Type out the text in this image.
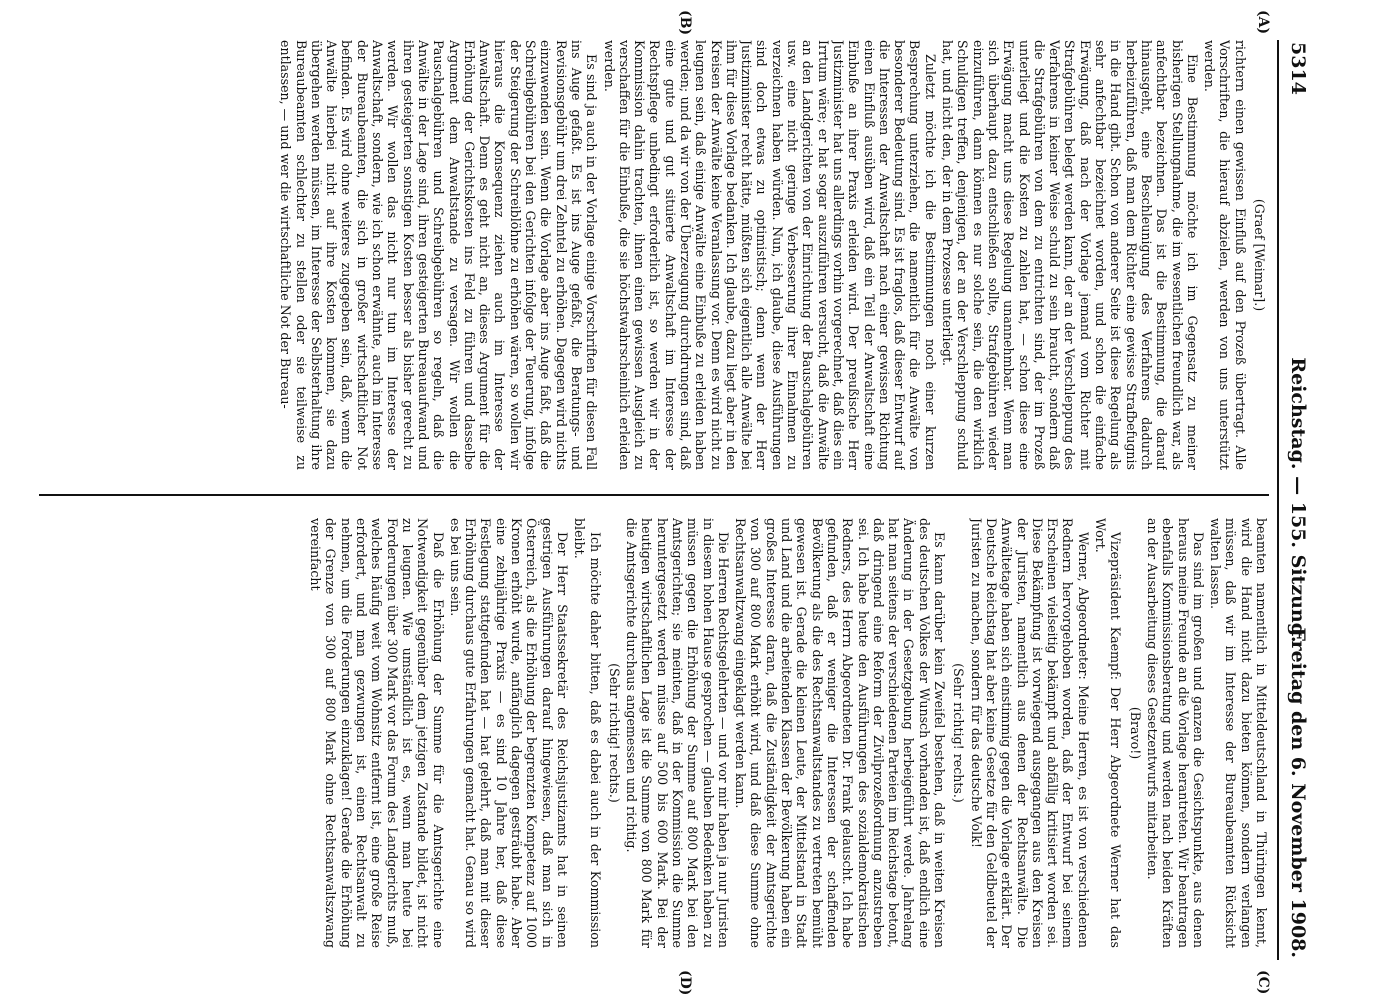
5314
Reichstag. — 155. Sitzung.
Freitag den 6. November 1908.
(A)
(B)
(C)
(D)

(Graef [Weimar].)

richtern einen gewissen Einfluß auf den Prozeß übertragt. Alle Vorschriften, die hierauf abzielen, werden von uns unterstützt werden.

Eine Bestimmung möchte ich im Gegensatz zu meiner bisherigen Stellungnahme, die im wesentlichen freundlich war, als anfechtbar bezeichnen. Das ist die Bestimmung, die darauf hinausgeht, eine Beschleunigung des Verfahrens dadurch herbeizuführen, daß man dem Richter eine gewisse Strafbefugnis in die Hand gibt. Schon von anderer Seite ist diese Regelung als sehr anfechtbar bezeichnet worden, und schon die einfache Erwägung, daß nach der Vorlage jemand vom Richter mit Strafgebühren belegt werden kann, der an der Verschleppung des Verfahrens in keiner Weise schuld zu sein braucht, sondern daß die Strafgebühren von dem zu entrichten sind, der im Prozeß unterliegt und die Kosten zu zahlen hat, — schon diese eine Erwägung macht uns diese Regelung unannehmbar. Wenn man sich überhaupt dazu entschließen sollte, Strafgebühren wieder einzuführen, dann können es nur solche sein, die den wirklich Schuldigen treffen, denjenigen, der an der Verschleppung schuld hat, und nicht den, der in dem Prozesse unterliegt.

Zuletzt möchte ich die Bestimmungen noch einer kurzen Besprechung unterziehen, die namentlich für die Anwälte von besonderer Bedeutung sind. Es ist fraglos, daß dieser Entwurf auf die Interessen der Anwaltschaft nach einer gewissen Richtung einen Einfluß ausüben wird, daß ein Teil der Anwaltschaft eine Einbuße an ihrer Praxis erleiden wird. Der preußische Herr Justizminister hat uns allerdings vorhin vorgerechnet, daß dies ein Irrtum wäre; er hat sogar auszuführen versucht, daß die Anwälte an den Landgerichten von der Einrichtung der Bauschalgebühren usw. eine nicht geringe Verbesserung ihrer Einnahmen zu verzeichnen haben würden. Nun, ich glaube, diese Ausführungen sind doch etwas zu optimistisch; denn wenn der Herr Justizminister recht hätte, müßten sich eigentlich alle Anwälte bei ihm für diese Vorlage bedanken. Ich glaube, dazu liegt aber in den Kreisen der Anwälte keine Veranlassung vor. Denn es wird nicht zu leugnen sein, daß einige Anwälte eine Einbuße zu erleiden haben werden; und da wir von der Überzeugung durchdrungen sind, daß eine gute und gut situierte Anwaltschaft im Interesse der Rechtspflege unbedingt erforderlich ist, so werden wir in der Kommission dahin trachten, ihnen einen gewissen Ausgleich zu verschaffen für die Einbuße, die sie höchstwahrscheinlich erleiden werden.

Es sind ja auch in der Vorlage einige Vorschriften für diesen Fall ins Auge gefaßt. Es ist ins Auge gefaßt, die Beratungs- und Revisionsgebühr um drei Zehntel zu erhöhen. Dagegen wird nichts einzuwenden sein. Wenn die Vorlage aber ins Auge faßt, daß die Schreibgebühren bei den Gerichten infolge der Teuerung, infolge der Steigerung der Schreiblöhne zu erhöhen wären, so wollen wir hieraus die Konsequenz ziehen auch im Interesse der Anwaltschaft. Denn es geht nicht an, dieses Argument für die Erhöhung der Gerichtskosten ins Feld zu führen und dasselbe Argument dem Anwaltstande zu versagen. Wir wollen die Pauschalgebühren und Schreibgebühren so regeln, daß die Anwälte in der Lage sind, ihren gesteigerten Bureauaufwand und ihren gesteigerten sonstigen Kosten besser als bisher gerecht zu werden. Wir wollen das nicht nur tun im Interesse der Anwaltschaft, sondern, wie ich schon erwähnte, auch im Interesse der Bureaubeamten, die sich in großer wirtschaftlicher Not befinden. Es wird ohne weiteres zugegeben sein, daß, wenn die Anwälte hierbei nicht auf ihre Kosten kommen, sie dazu übergehen werden müssen, im Interesse der Selbsterhaltung ihre Bureaubeamten schlechter zu stellen oder sie teilweise zu entlassen, — und wer die wirtschaftliche Not der Bureau-

beamten namentlich in Mitteldeutschland in Thüringen kennt, wird die Hand nicht dazu bieten können, sondern verlangen müssen, daß wir im Interesse der Bureaubeamten Rücksicht walten lassen.

Das sind im großen und ganzen die Gesichtspunkte, aus denen heraus meine Freunde an die Vorlage herantreten. Wir beantragen ebenfalls Kommissionsberatung und werden nach beiden Kräften an der Ausarbeitung dieses Gesetzentwurfs mitarbeiten.

(Bravo!)

Vizepräsident Kaempf: Der Herr Abgeordnete Werner hat das Wort.

Werner, Abgeordneter: Meine Herren, es ist von verschiedenen Rednern hervorgehoben worden, daß der Entwurf bei seinem Erscheinen vielseitig bekämpft und abfällig kritisiert worden sei. Diese Bekämpfung ist vorwiegend ausgegangen aus den Kreisen der Juristen, namentlich aus denen der Rechtsanwälte. Die Anwältetage haben sich einstimmig gegen die Vorlage erklärt. Der Deutsche Reichstag hat aber keine Gesetze für den Geldbeutel der Juristen zu machen, sondern für das deutsche Volk!

(Sehr richtig! rechts.)

Es kann darüber kein Zweifel bestehen, daß in weiten Kreisen des deutschen Volkes der Wunsch vorhanden ist, daß endlich eine Änderung in der Gesetzgebung herbeigeführt werde. Jahrelang hat man seitens der verschiedenen Parteien im Reichstage betont, daß dringend eine Reform der Zivilprozeßordnung anzustreben sei. Ich habe heute den Ausführungen des sozialdemokratischen Redners, des Herrn Abgeordneten Dr. Frank gelauscht. Ich habe gefunden, daß er weniger die Interessen der schaffenden Bevölkerung als die des Rechtsanwaltstandes zu vertreten bemüht gewesen ist. Gerade die kleinen Leute, der Mittelstand in Stadt und Land und die arbeitenden Klassen der Bevölkerung haben ein großes Interesse daran, daß die Zuständigkeit der Amtsgerichte von 300 auf 800 Mark erhöht wird, und daß diese Summe ohne Rechtsanwaltzwang eingeklagt werden kann.

Die Herren Rechtsgelehrten — und vor mir haben ja nur Juristen in diesem hohen Hause gesprochen — glauben Bedenken haben zu müssen gegen die Erhöhung der Summe auf 800 Mark bei den Amtsgerichten; sie meinten, daß in der Kommission die Summe heruntergesetzt werden müsse auf 500 bis 600 Mark. Bei der heutigen wirtschaftlichen Lage ist die Summe von 800 Mark für die Amtsgerichte durchaus angemessen und richtig.

(Sehr richtig! rechts.)

Ich möchte daher bitten, daß es dabei auch in der Kommission bleibt.

Der Herr Staatssekretär des Reichsjustizamts hat in seinen gestrigen Ausführungen darauf hingewiesen, daß man sich in Österreich, als die Erhöhung der begrenzten Kompetenz auf 1000 Kronen erhöht wurde, anfänglich dagegen gesträubt habe. Aber eine zehnjährige Praxis — es sind 10 Jahre her, daß diese Festlegung stattgefunden hat — hat gelehrt, daß man mit dieser Erhöhung durchaus gute Erfahrungen gemacht hat. Genau so wird es bei uns sein.

Daß die Erhöhung der Summe für die Amtsgerichte eine Notwendigkeit gegenüber dem jetzigen Zustande bildet, ist nicht zu leugnen. Wie umständlich ist es, wenn man heute bei Forderungen über 300 Mark vor das Forum des Landgerichts muß, welches häufig weit vom Wohnsitz entfernt ist, eine große Reise erfordert, und man gezwungen ist, einen Rechtsanwalt zu nehmen, um die Forderungen einzuklagen! Gerade die Erhöhung der Grenze von 300 auf 800 Mark ohne Rechtsanwaltszwang vereinfacht
